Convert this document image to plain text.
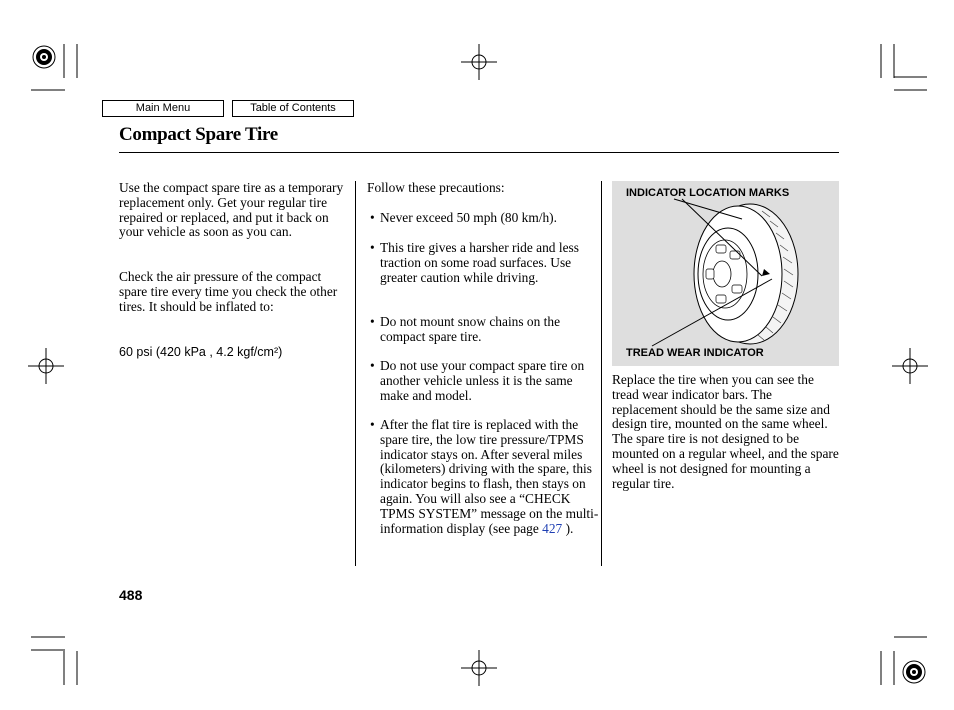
Main Menu	Table of Contents
Compact Spare Tire
Use the compact spare tire as a temporary replacement only. Get your regular tire repaired or replaced, and put it back on your vehicle as soon as you can.
Check the air pressure of the compact spare tire every time you check the other tires. It should be inflated to:
60 psi (420 kPa , 4.2 kgf/cm²)
Follow these precautions:
• Never exceed 50 mph (80 km/h).
• This tire gives a harsher ride and less traction on some road surfaces. Use greater caution while driving.
• Do not mount snow chains on the compact spare tire.
• Do not use your compact spare tire on another vehicle unless it is the same make and model.
• After the flat tire is replaced with the spare tire, the low tire pressure/TPMS indicator stays on. After several miles (kilometers) driving with the spare, this indicator begins to flash, then stays on again. You will also see a “CHECK TPMS SYSTEM” message on the multi-information display (see page 427 ).
INDICATOR LOCATION MARKS
TREAD WEAR INDICATOR
Replace the tire when you can see the tread wear indicator bars. The replacement should be the same size and design tire, mounted on the same wheel. The spare tire is not designed to be mounted on a regular wheel, and the spare wheel is not designed for mounting a regular tire.
488
